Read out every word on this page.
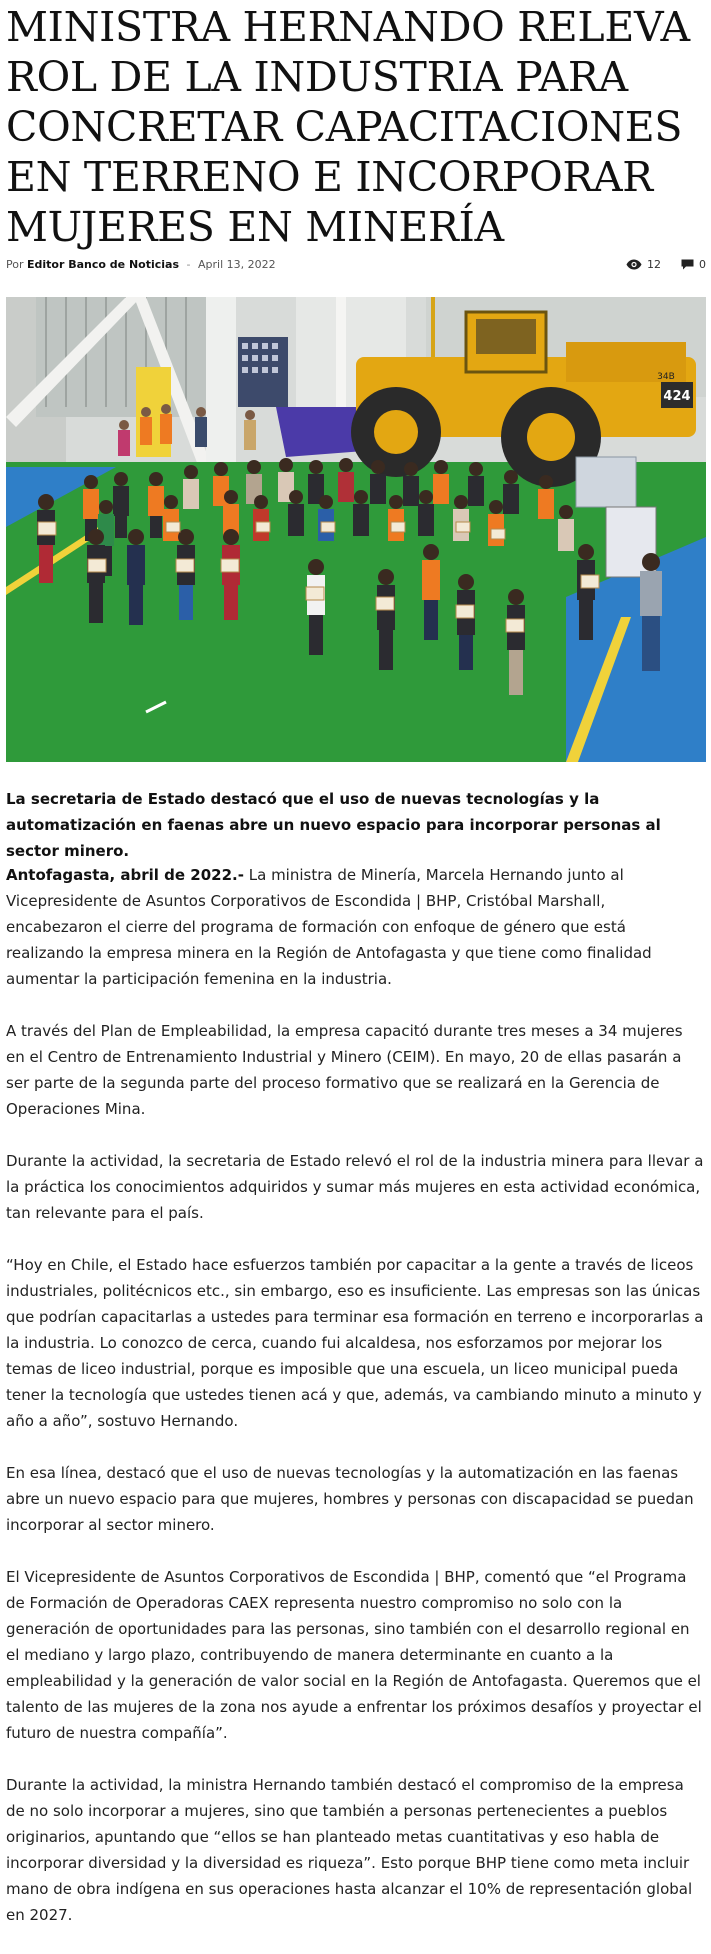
MINISTRA HERNANDO RELEVA ROL DE LA INDUSTRIA PARA CONCRETAR CAPACITACIONES EN TERRENO E INCORPORAR MUJERES EN MINERÍA
Por Editor Banco de Noticias - April 13, 2022	12	0
424
34B

La secretaria de Estado destacó que el uso de nuevas tecnologías y la automatización en faenas abre un nuevo espacio para incorporar personas al sector minero.

Antofagasta, abril de 2022.- La ministra de Minería, Marcela Hernando junto al Vicepresidente de Asuntos Corporativos de Escondida | BHP, Cristóbal Marshall, encabezaron el cierre del programa de formación con enfoque de género que está realizando la empresa minera en la Región de Antofagasta y que tiene como finalidad aumentar la participación femenina en la industria.

A través del Plan de Empleabilidad, la empresa capacitó durante tres meses a 34 mujeres en el Centro de Entrenamiento Industrial y Minero (CEIM). En mayo, 20 de ellas pasarán a ser parte de la segunda parte del proceso formativo que se realizará en la Gerencia de Operaciones Mina.

Durante la actividad, la secretaria de Estado relevó el rol de la industria minera para llevar a la práctica los conocimientos adquiridos y sumar más mujeres en esta actividad económica, tan relevante para el país.

“Hoy en Chile, el Estado hace esfuerzos también por capacitar a la gente a través de liceos industriales, politécnicos etc., sin embargo, eso es insuficiente. Las empresas son las únicas que podrían capacitarlas a ustedes para terminar esa formación en terreno e incorporarlas a la industria. Lo conozco de cerca, cuando fui alcaldesa, nos esforzamos por mejorar los temas de liceo industrial, porque es imposible que una escuela, un liceo municipal pueda tener la tecnología que ustedes tienen acá y que, además, va cambiando minuto a minuto y año a año”, sostuvo Hernando.

En esa línea, destacó que el uso de nuevas tecnologías y la automatización en las faenas abre un nuevo espacio para que mujeres, hombres y personas con discapacidad se puedan incorporar al sector minero.

El Vicepresidente de Asuntos Corporativos de Escondida | BHP, comentó que “el Programa de Formación de Operadoras CAEX representa nuestro compromiso no solo con la generación de oportunidades para las personas, sino también con el desarrollo regional en el mediano y largo plazo, contribuyendo de manera determinante en cuanto a la empleabilidad y la generación de valor social en la Región de Antofagasta. Queremos que el talento de las mujeres de la zona nos ayude a enfrentar los próximos desafíos y proyectar el futuro de nuestra compañía”.

Durante la actividad, la ministra Hernando también destacó el compromiso de la empresa de no solo incorporar a mujeres, sino que también a personas pertenecientes a pueblos originarios, apuntando que “ellos se han planteado metas cuantitativas y eso habla de incorporar diversidad y la diversidad es riqueza”. Esto porque BHP tiene como meta incluir mano de obra indígena en sus operaciones hasta alcanzar el 10% de representación global en 2027.
